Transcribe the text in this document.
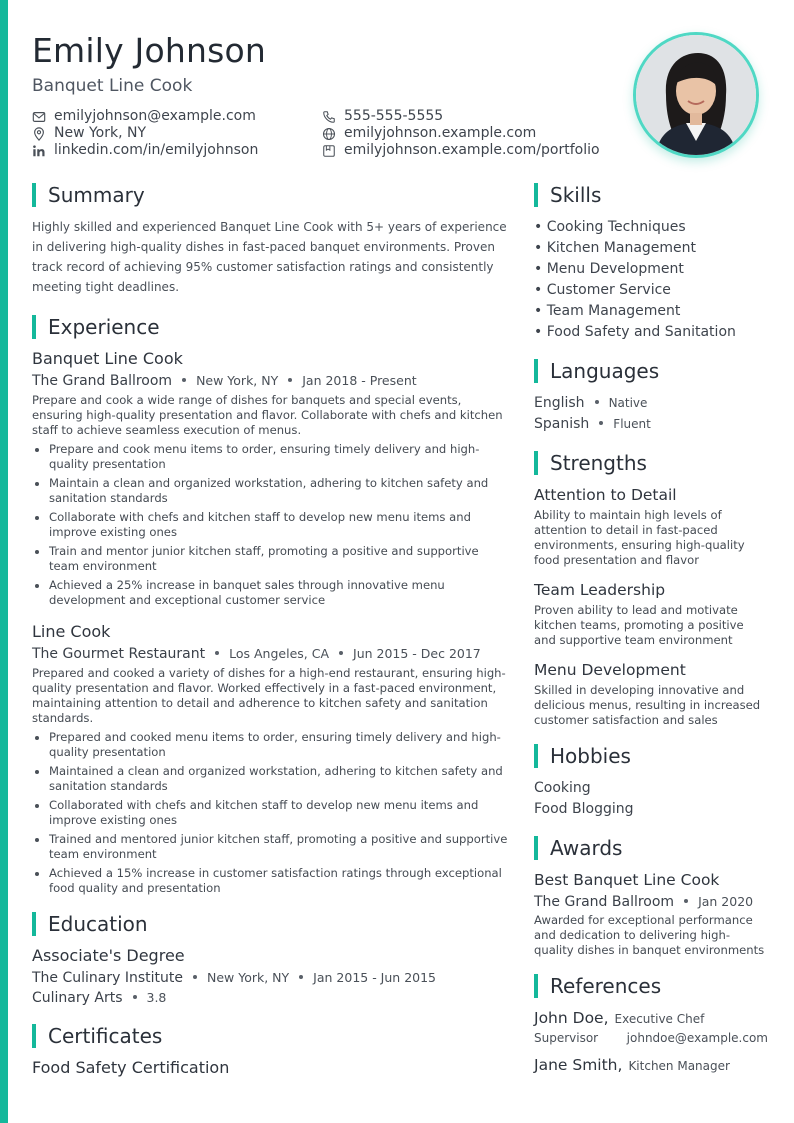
Emily Johnson
Banquet Line Cook
emilyjohnson@example.com	555-555-5555
New York, NY	emilyjohnson.example.com
linkedin.com/in/emilyjohnson	emilyjohnson.example.com/portfolio
Summary

Highly skilled and experienced Banquet Line Cook with 5+ years of experience in delivering high-quality dishes in fast-paced banquet environments. Proven track record of achieving 95% customer satisfaction ratings and consistently meeting tight deadlines.

Experience
Banquet Line Cook
The Grand Ballroom New York, NY Jan 2018 - Present
Prepare and cook a wide range of dishes for banquets and special events, ensuring high-quality presentation and flavor. Collaborate with chefs and kitchen staff to achieve seamless execution of menus.
Prepare and cook menu items to order, ensuring timely delivery and high-quality presentation
Maintain a clean and organized workstation, adhering to kitchen safety and sanitation standards
Collaborate with chefs and kitchen staff to develop new menu items and improve existing ones
Train and mentor junior kitchen staff, promoting a positive and supportive team environment
Achieved a 25% increase in banquet sales through innovative menu development and exceptional customer service
Line Cook
The Gourmet Restaurant Los Angeles, CA Jun 2015 - Dec 2017
Prepared and cooked a variety of dishes for a high-end restaurant, ensuring high-quality presentation and flavor. Worked effectively in a fast-paced environment, maintaining attention to detail and adherence to kitchen safety and sanitation standards.
Prepared and cooked menu items to order, ensuring timely delivery and high-quality presentation
Maintained a clean and organized workstation, adhering to kitchen safety and sanitation standards
Collaborated with chefs and kitchen staff to develop new menu items and improve existing ones
Trained and mentored junior kitchen staff, promoting a positive and supportive team environment
Achieved a 15% increase in customer satisfaction ratings through exceptional food quality and presentation
Education
Associate's Degree
The Culinary Institute New York, NY Jan 2015 - Jun 2015
Culinary Arts 3.8
Certificates
Food Safety Certification
Skills
• Cooking Techniques
• Kitchen Management
• Menu Development
• Customer Service
• Team Management
• Food Safety and Sanitation
Languages
English Native
Spanish Fluent
Strengths
Attention to Detail
Ability to maintain high levels of attention to detail in fast-paced environments, ensuring high-quality food presentation and flavor
Team Leadership
Proven ability to lead and motivate kitchen teams, promoting a positive and supportive team environment
Menu Development
Skilled in developing innovative and delicious menus, resulting in increased customer satisfaction and sales
Hobbies
Cooking
Food Blogging
Awards
Best Banquet Line Cook
The Grand Ballroom Jan 2020
Awarded for exceptional performance and dedication to delivering high-quality dishes in banquet environments
References
John Doe, Executive Chef
Supervisor johndoe@example.com
Jane Smith, Kitchen Manager
